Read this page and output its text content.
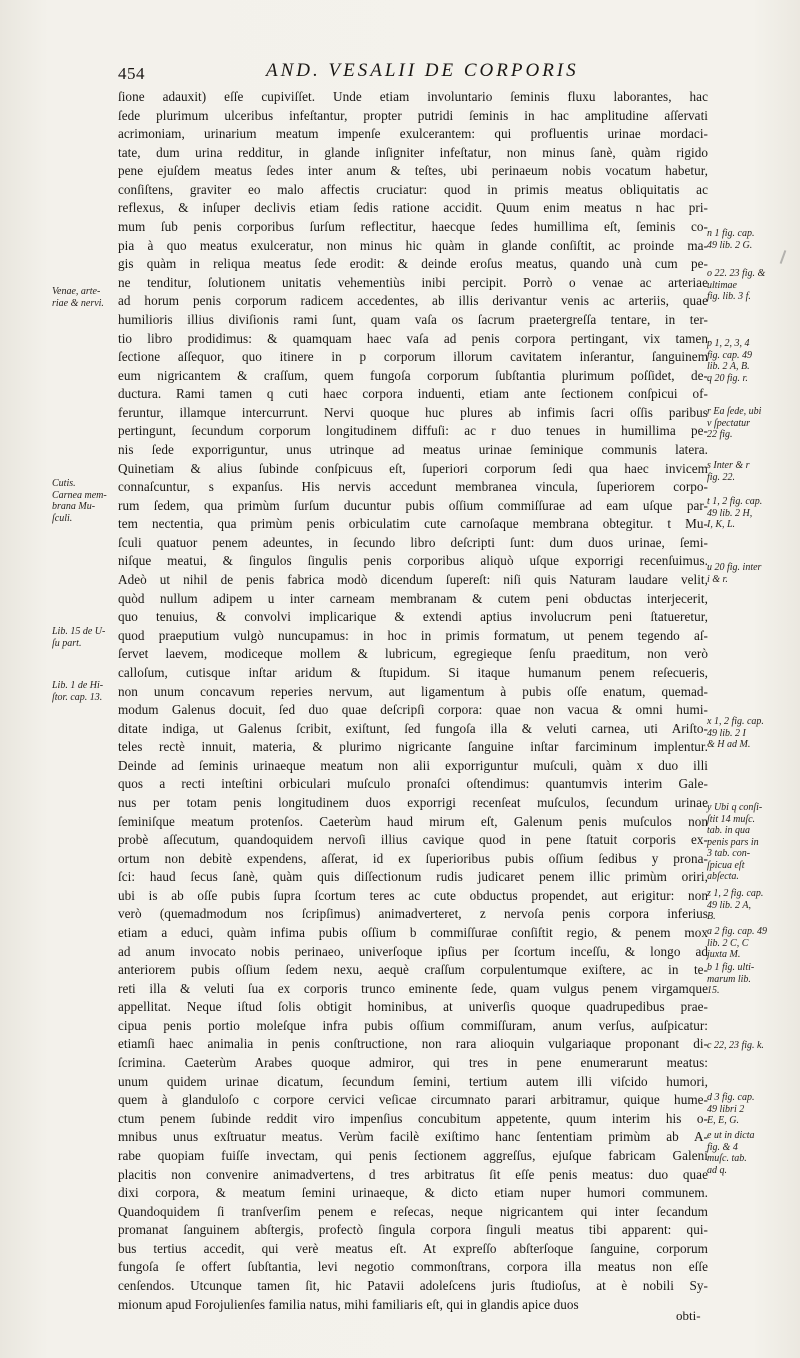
454	AND. VESALII DE CORPORIS
ſione adauxit) eſſe cupiviſſet. Unde etiam involuntario ſeminis fluxu laborantes, hac
ſede plurimum ulceribus infeſtantur, propter putridi ſeminis in hac amplitudine aſſervati
acrimoniam, urinarium meatum impenſe exulcerantem: qui profluentis urinae mordaci-
tate, dum urina redditur, in glande inſigniter infeſtatur, non minus ſanè, quàm rigido
pene ejuſdem meatus ſedes inter anum & teſtes, ubi perinaeum nobis vocatum habetur,
conſiſtens, graviter eo malo affectis cruciatur: quod in primis meatus obliquitatis ac
reflexus, & inſuper declivis etiam ſedis ratione accidit. Quum enim meatus n hac pri-
mum ſub penis corporibus ſurſum reflectitur, haecque ſedes humillima eſt, ſeminis co-
pia à quo meatus exulceratur, non minus hic quàm in glande conſiſtit, ac proinde ma-
gis quàm in reliqua meatus ſede erodit: & deinde eroſus meatus, quando unà cum pe-
ne tenditur, ſolutionem unitatis vehementiùs inibi percipit. Porrò o venae ac arteriae
ad horum penis corporum radicem accedentes, ab illis derivantur venis ac arteriis, quae
humilioris illius diviſionis rami ſunt, quam vaſa os ſacrum praetergreſſa tentare, in ter-
tio libro prodidimus: & quamquam haec vaſa ad penis corpora pertingant, vix tamen
ſectione aſſequor, quo itinere in p corporum illorum cavitatem inſerantur, ſanguinem
eum nigricantem & craſſum, quem fungoſa corporum ſubſtantia plurimum poſſidet, de-
ductura. Rami tamen q cuti haec corpora induenti, etiam ante ſectionem conſpicui of-
feruntur, illamque intercurrunt. Nervi quoque huc plures ab infimis ſacri oſſis paribus
pertingunt, ſecundum corporum longitudinem diffuſi: ac r duo tenues in humillima pe-
nis ſede exporriguntur, unus utrinque ad meatus urinae ſeminique communis latera.
Quinetiam & alius ſubinde conſpicuus eſt, ſuperiori corporum ſedi qua haec invicem
connaſcuntur, s expanſus. His nervis accedunt membranea vincula, ſuperiorem corpo-
rum ſedem, qua primùm ſurſum ducuntur pubis oſſium commiſſurae ad eam uſque par-
tem nectentia, qua primùm penis orbiculatim cute carnoſaque membrana obtegitur. t Mu-
ſculi quatuor penem adeuntes, in ſecundo libro deſcripti ſunt: dum duos urinae, ſemi-
niſque meatui, & ſingulos ſingulis penis corporibus aliquò uſque exporrigi recenſuimus.
Adeò ut nihil de penis fabrica modò dicendum ſupereſt: niſi quis Naturam laudare velit,
quòd nullum adipem u inter carneam membranam & cutem peni obductas interjecerit,
quo tenuius, & convolvi implicarique & extendi aptius involucrum peni ſtatueretur,
quod praeputium vulgò nuncupamus: in hoc in primis formatum, ut penem tegendo aſ-
ſervet laevem, modiceque mollem & lubricum, egregieque ſenſu praeditum, non verò
calloſum, cutisque inſtar aridum & ſtupidum. Si itaque humanum penem reſecueris,
non unum concavum reperies nervum, aut ligamentum à pubis oſſe enatum, quemad-
modum Galenus docuit, ſed duo quae deſcripſi corpora: quae non vacua & omni humi-
ditate indiga, ut Galenus ſcribit, exiſtunt, ſed fungoſa illa & veluti carnea, uti Ariſto-
teles rectè innuit, materia, & plurimo nigricante ſanguine inſtar farciminum implentur.
Deinde ad ſeminis urinaeque meatum non alii exporriguntur muſculi, quàm x duo illi
quos a recti inteſtini orbiculari muſculo pronaſci oſtendimus: quantumvis interim Gale-
nus per totam penis longitudinem duos exporrigi recenſeat muſculos, ſecundum urinae
ſeminiſque meatum protenſos. Caeterùm haud mirum eſt, Galenum penis muſculos non
probè aſſecutum, quandoquidem nervoſi illius cavique quod in pene ſtatuit corporis ex-
ortum non debitè expendens, aſſerat, id ex ſuperioribus pubis oſſium ſedibus y prona-
ſci: haud ſecus ſanè, quàm quis diſſectionum rudis judicaret penem illic primùm oriri,
ubi is ab oſſe pubis ſupra ſcortum teres ac cute obductus propendet, aut erigitur: non
verò (quemadmodum nos ſcripſimus) animadverteret, z nervoſa penis corpora inferius
etiam a educi, quàm infima pubis oſſium b commiſſurae conſiſtit regio, & penem mox
ad anum invocato nobis perinaeo, univerſoque ipſius per ſcortum inceſſu, & longo ad
anteriorem pubis oſſium ſedem nexu, aequè craſſum corpulentumque exiſtere, ac in te-
reti illa & veluti ſua ex corporis trunco eminente ſede, quam vulgus penem virgamque
appellitat. Neque iſtud ſolis obtigit hominibus, at univerſis quoque quadrupedibus prae-
cipua penis portio moleſque infra pubis oſſium commiſſuram, anum verſus, auſpicatur:
etiamſi haec animalia in penis conſtructione, non rara alioquin vulgariaque proponant di-
ſcrimina. Caeterùm Arabes quoque admiror, qui tres in pene enumerarunt meatus:
unum quidem urinae dicatum, ſecundum ſemini, tertium autem illi viſcido humori,
quem à glanduloſo c corpore cervici veſicae circumnato parari arbitramur, quique hume-
ctum penem ſubinde reddit viro impenſius concubitum appetente, quum interim his o-
mnibus unus exſtruatur meatus. Verùm facilè exiſtimo hanc ſententiam primùm ab A-
rabe quopiam fuiſſe invectam, qui penis ſectionem aggreſſus, ejuſque fabricam Galeni
placitis non convenire animadvertens, d tres arbitratus ſit eſſe penis meatus: duo quae
dixi corpora, & meatum ſemini urinaeque, & dicto etiam nuper humori communem.
Quandoquidem ſi tranſverſim penem e reſecas, neque nigricantem qui inter ſecandum
promanat ſanguinem abſtergis, profectò ſingula corpora ſinguli meatus tibi apparent: qui-
bus tertius accedit, qui verè meatus eſt. At expreſſo abſterſoque ſanguine, corporum
fungoſa ſe offert ſubſtantia, levi negotio commonſtrans, corpora illa meatus non eſſe
cenſendos. Utcunque tamen ſit, hic Patavii adoleſcens juris ſtudioſus, at è nobili Sy-
mionum apud Forojulienſes familia natus, mihi familiaris eſt, qui in glandis apice duos
Venae, arte-
riae & nervi.
Cutis.
Carnea mem-
brana Mu-
ſculi.
Lib. 15 de U-
ſu part.
Lib. 1 de Hi-
ſtor. cap. 13.
n 1 fig. cap.
49 lib. 2 G.
o 22. 23 fig. &
ultimae
fig. lib. 3 f.
p 1, 2, 3, 4
fig. cap. 49
lib. 2 A, B.
q 20 fig. r.
r Ea ſede, ubi
v ſpectatur
22 fig.
s Inter & r
fig. 22.
t 1, 2 fig. cap.
49 lib. 2 H,
I, K, L.
u 20 fig. inter
i & r.
x 1, 2 fig. cap.
49 lib. 2 I
& H ad M.
y Ubi q conſi-
ſtit 14 muſc.
tab. in qua
penis pars in
3 tab. con-
ſpicua eſt
abſecta.
z 1, 2 fig. cap.
49 lib. 2 A,
B.
a 2 fig. cap. 49
lib. 2 C, C
juxta M.
b 1 fig. ulti-
marum lib.
15.
c 22, 23 fig. k.
d 3 fig. cap.
49 libri 2
E, E, G.
e ut in dicta
fig. & 4
muſc. tab.
ad q.
obti-
